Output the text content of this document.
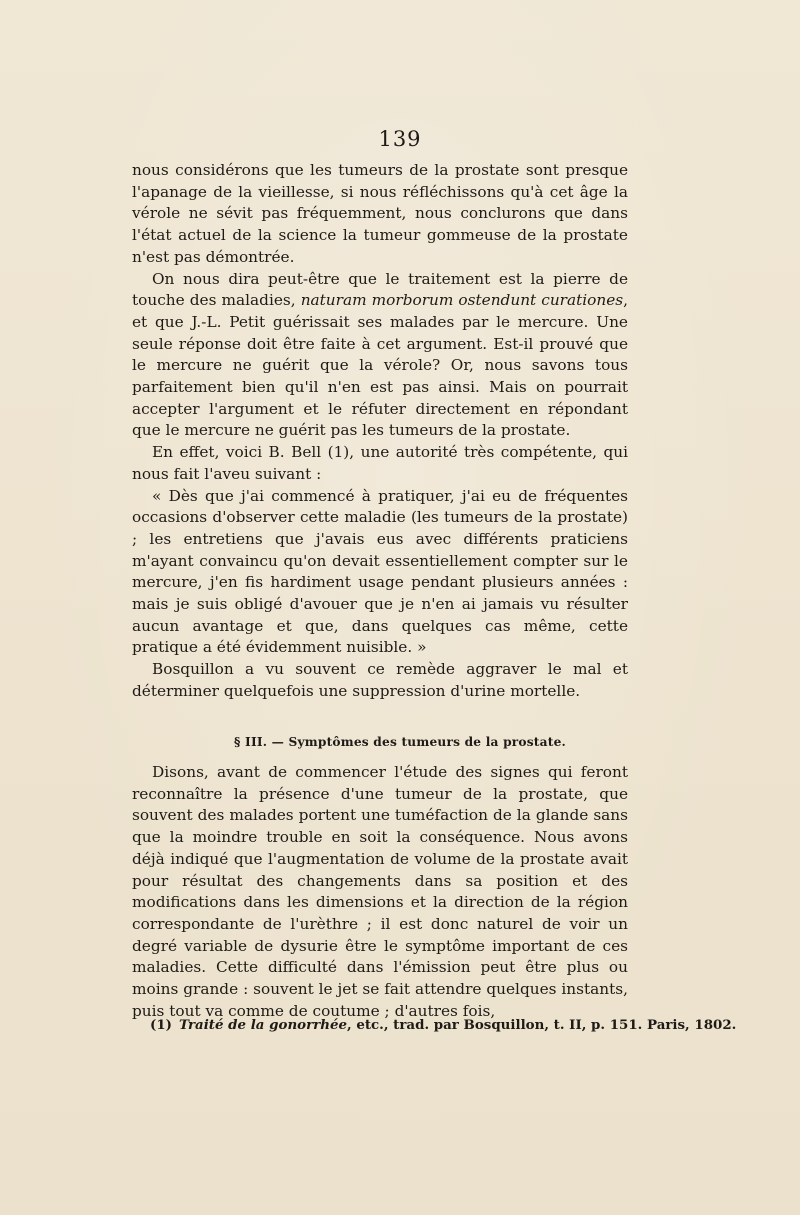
139

nous considérons que les tumeurs de la prostate sont presque l'apanage de la vieillesse, si nous réfléchissons qu'à cet âge la vérole ne sévit pas fréquemment, nous conclurons que dans l'état actuel de la science la tumeur gommeuse de la prostate n'est pas démontrée.

On nous dira peut-être que le traitement est la pierre de touche des maladies, naturam morborum ostendunt curationes, et que J.-L. Petit guérissait ses malades par le mercure. Une seule réponse doit être faite à cet argument. Est-il prouvé que le mercure ne guérit que la vérole? Or, nous savons tous parfaitement bien qu'il n'en est pas ainsi. Mais on pourrait accepter l'argument et le réfuter directement en répondant que le mercure ne guérit pas les tumeurs de la prostate.

En effet, voici B. Bell (1), une autorité très compétente, qui nous fait l'aveu suivant :

« Dès que j'ai commencé à pratiquer, j'ai eu de fréquentes occasions d'observer cette maladie (les tumeurs de la prostate) ; les entretiens que j'avais eus avec différents praticiens m'ayant convaincu qu'on devait essentiellement compter sur le mercure, j'en fis hardiment usage pendant plusieurs années : mais je suis obligé d'avouer que je n'en ai jamais vu résulter aucun avantage et que, dans quelques cas même, cette pratique a été évidemment nuisible. »

Bosquillon a vu souvent ce remède aggraver le mal et déterminer quelquefois une suppression d'urine mortelle.

§ III. — Symptômes des tumeurs de la prostate.

Disons, avant de commencer l'étude des signes qui feront reconnaître la présence d'une tumeur de la prostate, que souvent des malades portent une tuméfaction de la glande sans que la moindre trouble en soit la conséquence. Nous avons déjà indiqué que l'augmentation de volume de la prostate avait pour résultat des changements dans sa position et des modifications dans les dimensions et la direction de la région correspondante de l'urèthre ; il est donc naturel de voir un degré variable de dysurie être le symptôme important de ces maladies. Cette difficulté dans l'émission peut être plus ou moins grande : souvent le jet se fait attendre quelques instants, puis tout va comme de coutume ; d'autres fois,

(1) Traité de la gonorrhée, etc., trad. par Bosquillon, t. II, p. 151. Paris, 1802.
